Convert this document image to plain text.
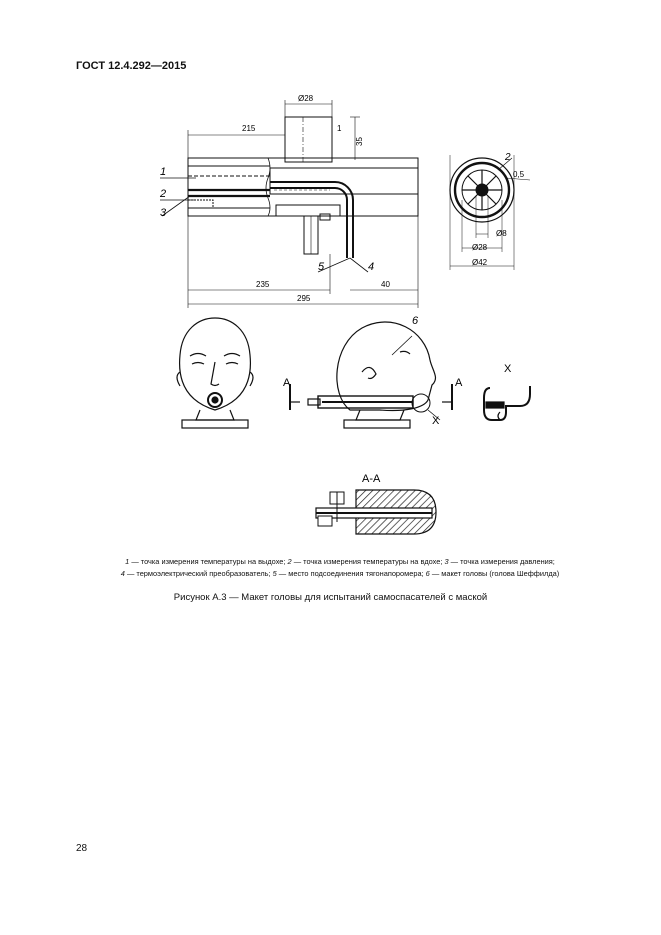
ГОСТ 12.4.292—2015
Ø28
215	1
35
235
295
40
1
2
3
5	4
2
0,5
Ø8
Ø28
Ø42
A	A
X
6
X
А-А
1 — точка измерения температуры на выдохе; 2 — точка измерения температуры на вдохе; 3 — точка измерения давления;
4 — термоэлектрический преобразователь; 5 — место подсоединения тягонапоромера; 6 — макет головы (голова Шеффилда)
Рисунок А.3 — Макет головы для испытаний самоспасателей с маской
28
